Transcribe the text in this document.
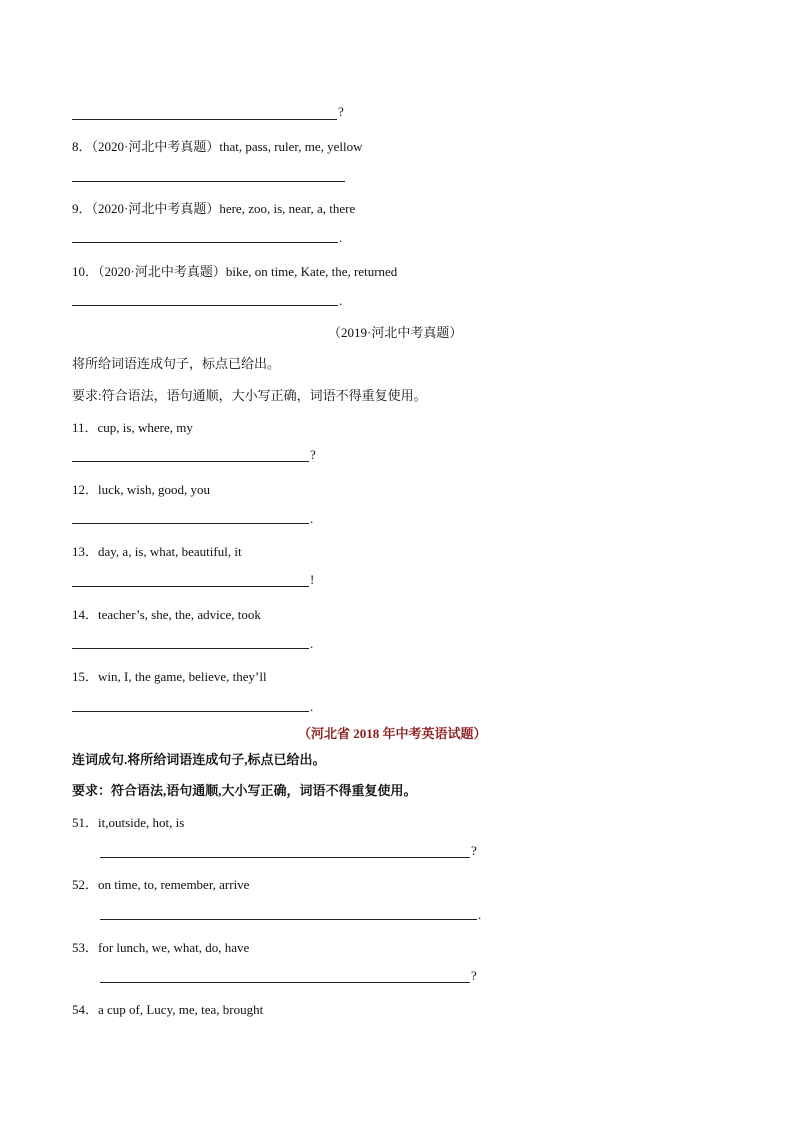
?
8．（2020·河北中考真题）that, pass, ruler, me, yellow
9．（2020·河北中考真题）here, zoo, is, near, a, there
.
10．（2020·河北中考真题）bike, on time, Kate, the, returned
.
（2019·河北中考真题）
将所给词语连成句子，标点已给出。
要求:符合语法，语句通顺，大小写正确，词语不得重复使用。
11．cup, is, where, my
?
12．luck, wish, good, you
.
13．day, a, is, what, beautiful, it
!
14．teacher’s, she, the, advice, took
.
15．win, I, the game, believe, they’ll
.
（河北省 2018 年中考英语试题）
连词成句.将所给词语连成句子,标点已给出。
要求：符合语法,语句通顺,大小写正确，词语不得重复使用。
51．it,outside, hot, is
?
52．on time, to, remember, arrive
.
53．for lunch, we, what, do, have
?
54．a cup of, Lucy, me, tea, brought
